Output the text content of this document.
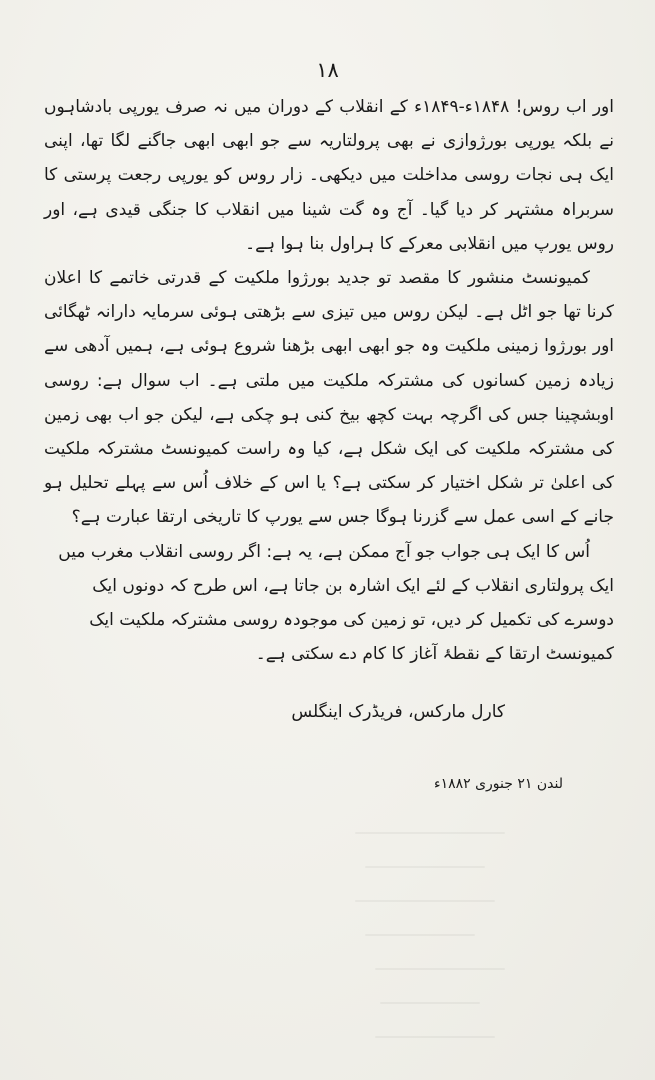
۱۸

اور اب روس! ۱۸۴۸ء-۱۸۴۹ء کے انقلاب کے دوران میں نہ صرف یورپی بادشاہوں نے بلکہ یورپی بورژوازی نے بھی پرولتاریہ سے جو ابھی ابھی جاگنے لگا تھا، اپنی ایک ہی نجات روسی مداخلت میں دیکھی۔ زار روس کو یورپی رجعت پرستی کا سربراہ مشتہر کر دیا گیا۔ آج وہ گت شینا میں انقلاب کا جنگی قیدی ہے، اور روس یورپ میں انقلابی معرکے کا ہراول بنا ہوا ہے۔

کمیونسٹ منشور کا مقصد تو جدید بورژوا ملکیت کے قدرتی خاتمے کا اعلان کرنا تھا جو اٹل ہے۔ لیکن روس میں تیزی سے بڑھتی ہوئی سرمایہ دارانہ ٹھگائی اور بورژوا زمینی ملکیت وہ جو ابھی ابھی بڑھنا شروع ہوئی ہے، ہمیں آدھی سے زیادہ زمین کسانوں کی مشترکہ ملکیت میں ملتی ہے۔ اب سوال ہے: روسی اوبشچینا جس کی اگرچہ بہت کچھ بیخ کنی ہو چکی ہے، لیکن جو اب بھی زمین کی مشترکہ ملکیت کی ایک شکل ہے، کیا وہ راست کمیونسٹ مشترکہ ملکیت کی اعلیٰ تر شکل اختیار کر سکتی ہے؟ یا اس کے خلاف اُس سے پہلے تحلیل ہو جانے کے اسی عمل سے گزرنا ہوگا جس سے یورپ کا تاریخی ارتقا عبارت ہے؟

اُس کا ایک ہی جواب جو آج ممکن ہے، یہ ہے: اگر روسی انقلاب مغرب میں ایک پرولتاری انقلاب کے لئے ایک اشارہ بن جاتا ہے، اس طرح کہ دونوں ایک دوسرے کی تکمیل کر دیں، تو زمین کی موجودہ روسی مشترکہ ملکیت ایک کمیونسٹ ارتقا کے نقطۂ آغاز کا کام دے سکتی ہے۔

کارل مارکس، فریڈرک اینگلس
لندن ۲۱ جنوری ۱۸۸۲ء
